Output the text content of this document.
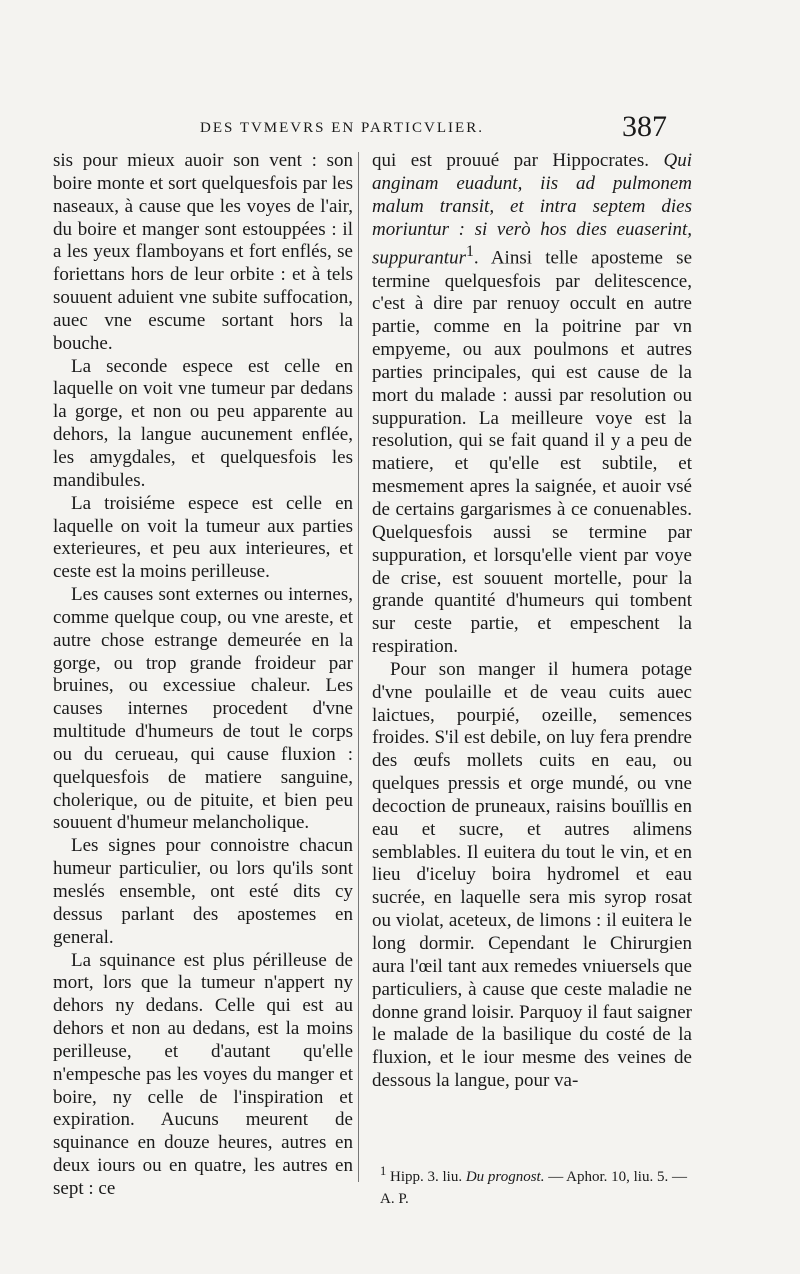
DES TVMEVRS EN PARTICVLIER.	387

sis pour mieux auoir son vent : son boire monte et sort quelquesfois par les naseaux, à cause que les voyes de l'air, du boire et manger sont estouppées : il a les yeux flamboyans et fort enflés, se foriettans hors de leur orbite : et à tels souuent aduient vne subite suffocation, auec vne escume sortant hors la bouche.

La seconde espece est celle en laquelle on voit vne tumeur par dedans la gorge, et non ou peu apparente au dehors, la langue aucunement enflée, les amygdales, et quelquesfois les mandibules.

La troisiéme espece est celle en laquelle on voit la tumeur aux parties exterieures, et peu aux interieures, et ceste est la moins perilleuse.

Les causes sont externes ou internes, comme quelque coup, ou vne areste, et autre chose estrange demeurée en la gorge, ou trop grande froideur par bruines, ou excessiue chaleur. Les causes internes procedent d'vne multitude d'humeurs de tout le corps ou du cerueau, qui cause fluxion : quelquesfois de matiere sanguine, cholerique, ou de pituite, et bien peu souuent d'humeur melancholique.

Les signes pour connoistre chacun humeur particulier, ou lors qu'ils sont meslés ensemble, ont esté dits cy dessus parlant des apostemes en general.

La squinance est plus périlleuse de mort, lors que la tumeur n'appert ny dehors ny dedans. Celle qui est au dehors et non au dedans, est la moins perilleuse, et d'autant qu'elle n'empesche pas les voyes du manger et boire, ny celle de l'inspiration et expiration. Aucuns meurent de squinance en douze heures, autres en deux iours ou en quatre, les autres en sept : ce

qui est prouué par Hippocrates. Qui anginam euadunt, iis ad pulmonem malum transit, et intra septem dies moriuntur : si verò hos dies euaserint, suppurantur$^1$. Ainsi telle aposteme se termine quelquesfois par delitescence, c'est à dire par renuoy occult en autre partie, comme en la poitrine par vn empyeme, ou aux poulmons et autres parties principales, qui est cause de la mort du malade : aussi par resolution ou suppuration. La meilleure voye est la resolution, qui se fait quand il y a peu de matiere, et qu'elle est subtile, et mesmement apres la saignée, et auoir vsé de certains gargarismes à ce conuenables. Quelquesfois aussi se termine par suppuration, et lorsqu'elle vient par voye de crise, est souuent mortelle, pour la grande quantité d'humeurs qui tombent sur ceste partie, et empeschent la respiration.

Pour son manger il humera potage d'vne poulaille et de veau cuits auec laictues, pourpié, ozeille, semences froides. S'il est debile, on luy fera prendre des œufs mollets cuits en eau, ou quelques pressis et orge mundé, ou vne decoction de pruneaux, raisins bouïllis en eau et sucre, et autres alimens semblables. Il euitera du tout le vin, et en lieu d'iceluy boira hydromel et eau sucrée, en laquelle sera mis syrop rosat ou violat, aceteux, de limons : il euitera le long dormir. Cependant le Chirurgien aura l'œil tant aux remedes vniuersels que particuliers, à cause que ceste maladie ne donne grand loisir. Parquoy il faut saigner le malade de la basilique du costé de la fluxion, et le iour mesme des veines de dessous la langue, pour va-

$^1$ Hipp. 3. liu. Du prognost. — Aphor. 10, liu. 5. — A. P.
